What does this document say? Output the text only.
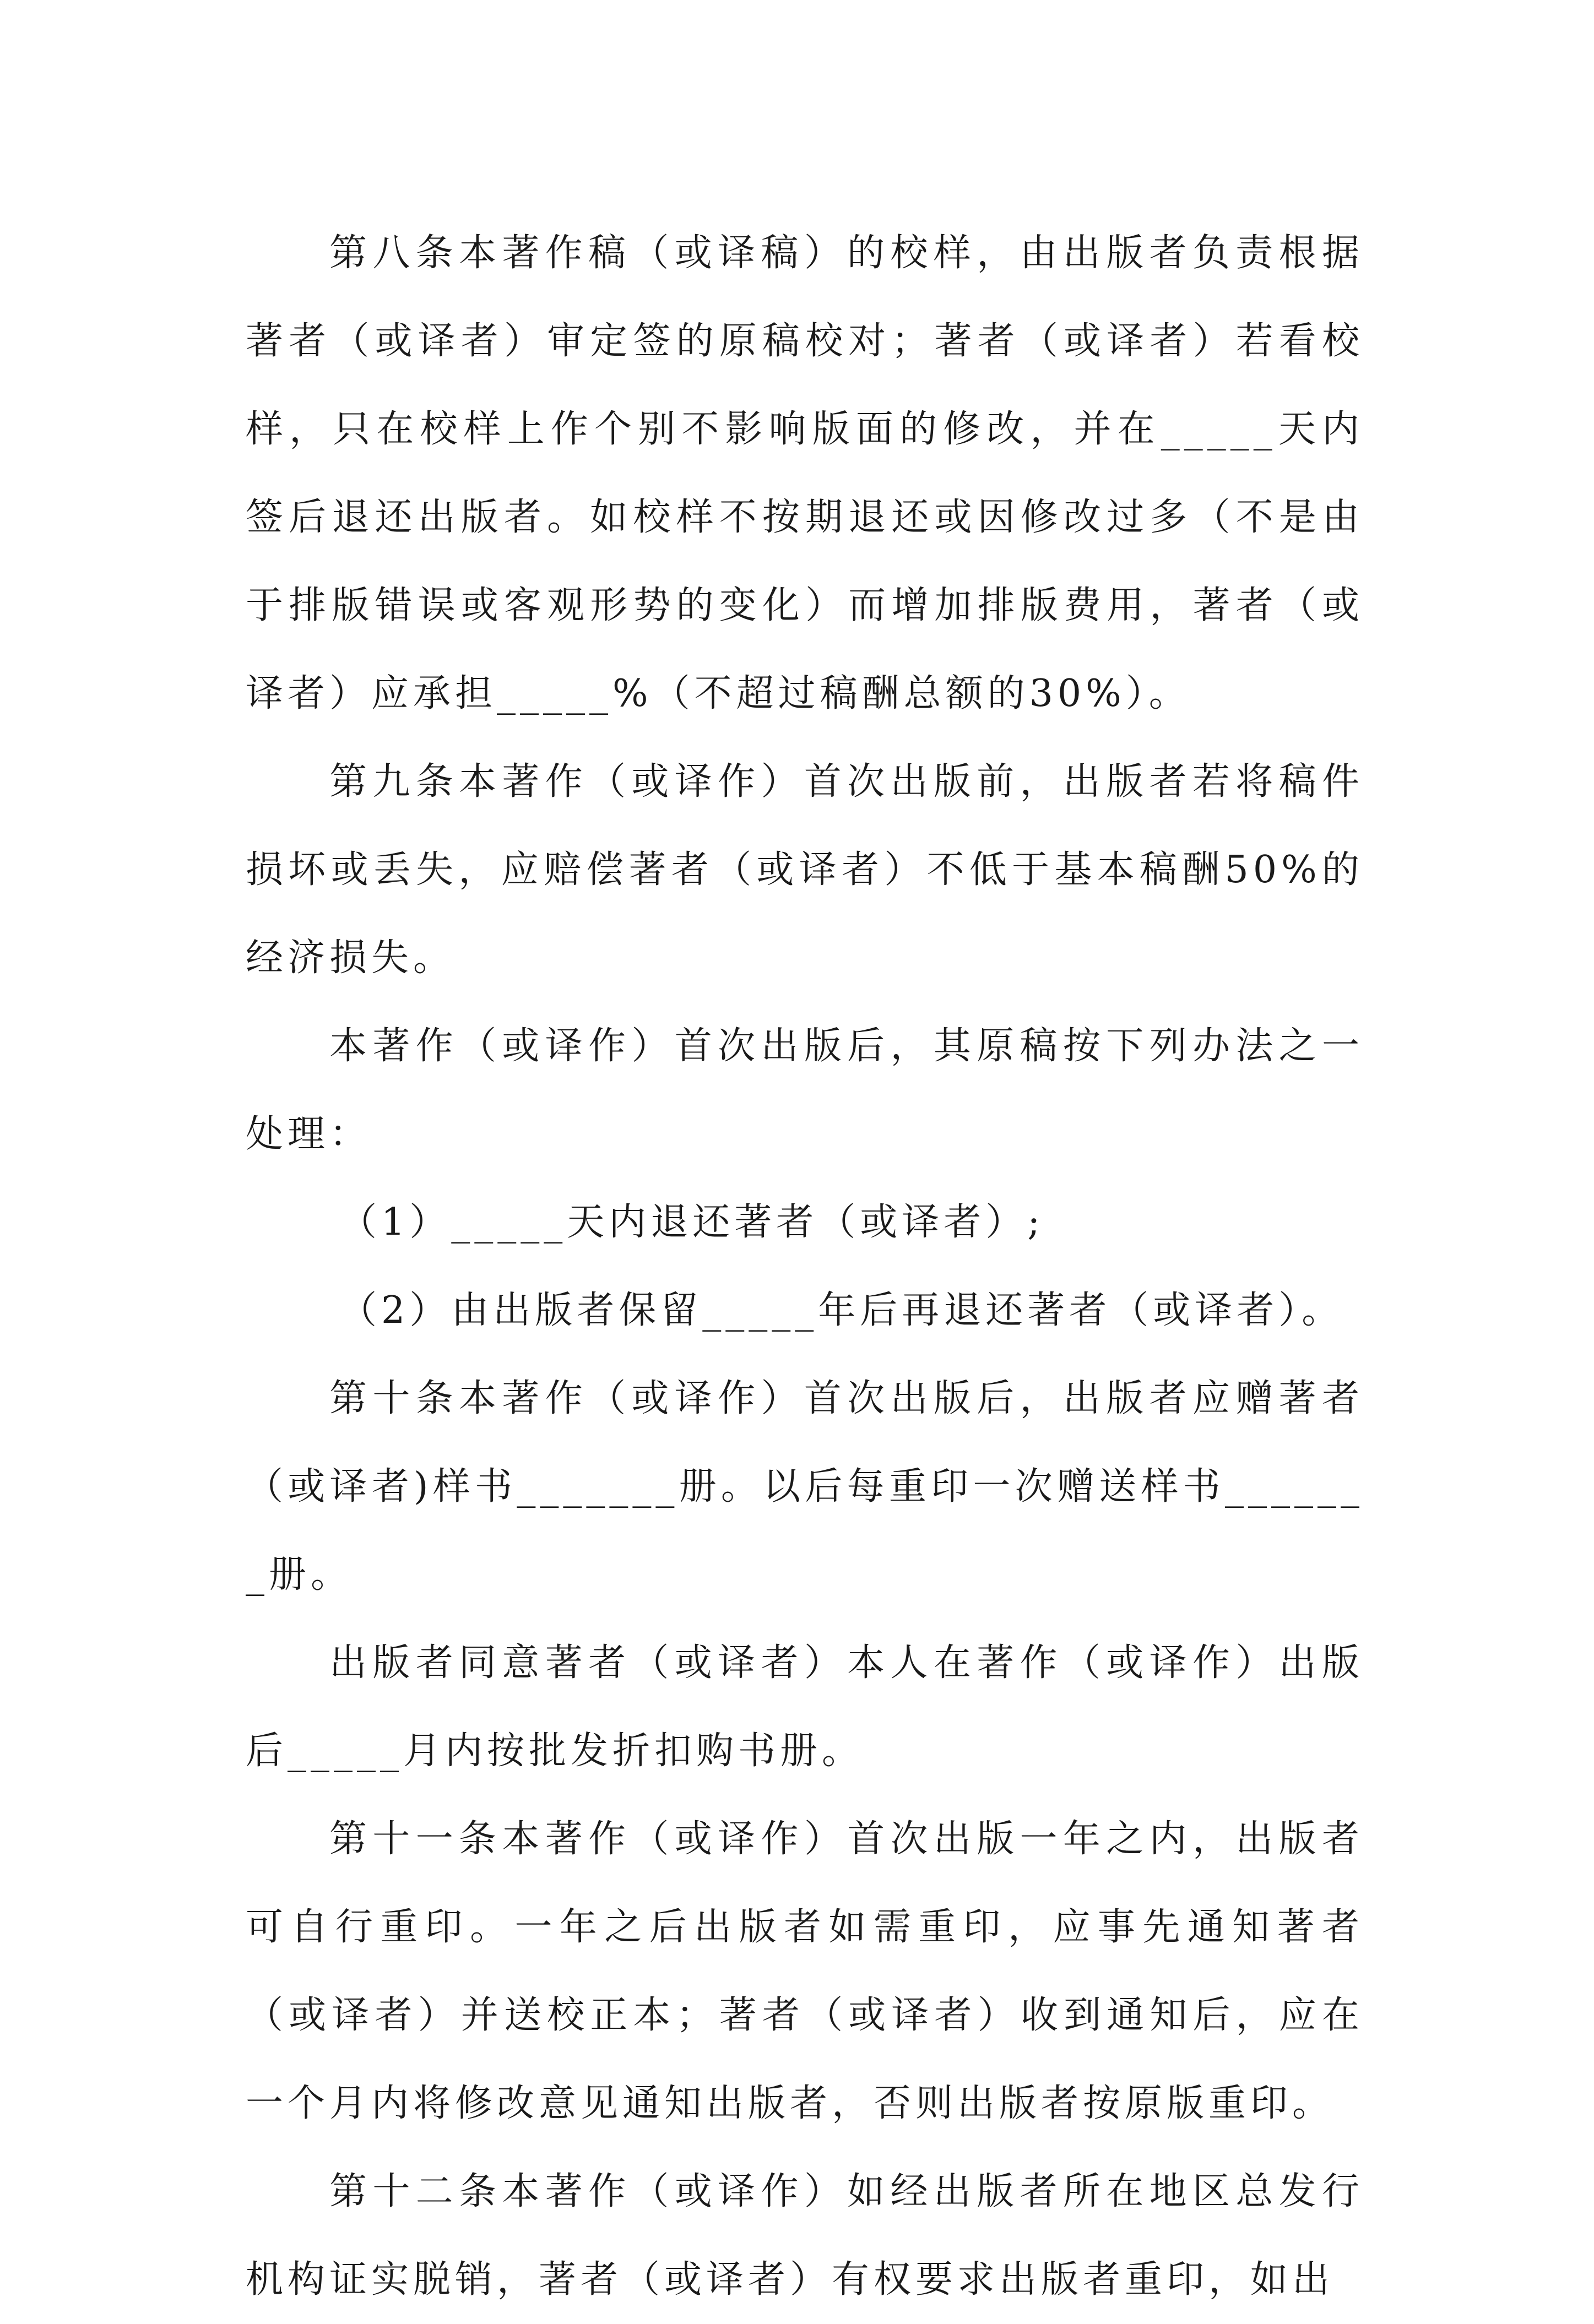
第八条本著作稿（或译稿）的校样，由出版者负责根据著者（或译者）审定签的原稿校对；著者（或译者）若看校样，只在校样上作个别不影响版面的修改，并在_____天内签后退还出版者。如校样不按期退还或因修改过多（不是由于排版错误或客观形势的变化）而增加排版费用，著者（或译者）应承担_____%（不超过稿酬总额的30%）。

第九条本著作（或译作）首次出版前，出版者若将稿件损坏或丢失，应赔偿著者（或译者）不低于基本稿酬50%的经济损失。

本著作（或译作）首次出版后，其原稿按下列办法之一处理：

（1）_____天内退还著者（或译者）;

（2）由出版者保留_____年后再退还著者（或译者）。

第十条本著作（或译作）首次出版后，出版者应赠著者（或译者)样书_______册。以后每重印一次赠送样书_______册。

出版者同意著者（或译者）本人在著作（或译作）出版后_____月内按批发折扣购书册。

第十一条本著作（或译作）首次出版一年之内，出版者可自行重印。一年之后出版者如需重印，应事先通知著者（或译者）并送校正本；著者（或译者）收到通知后，应在一个月内将修改意见通知出版者，否则出版者按原版重印。

第十二条本著作（或译作）如经出版者所在地区总发行机构证实脱销，著者（或译者）有权要求出版者重印，如出
